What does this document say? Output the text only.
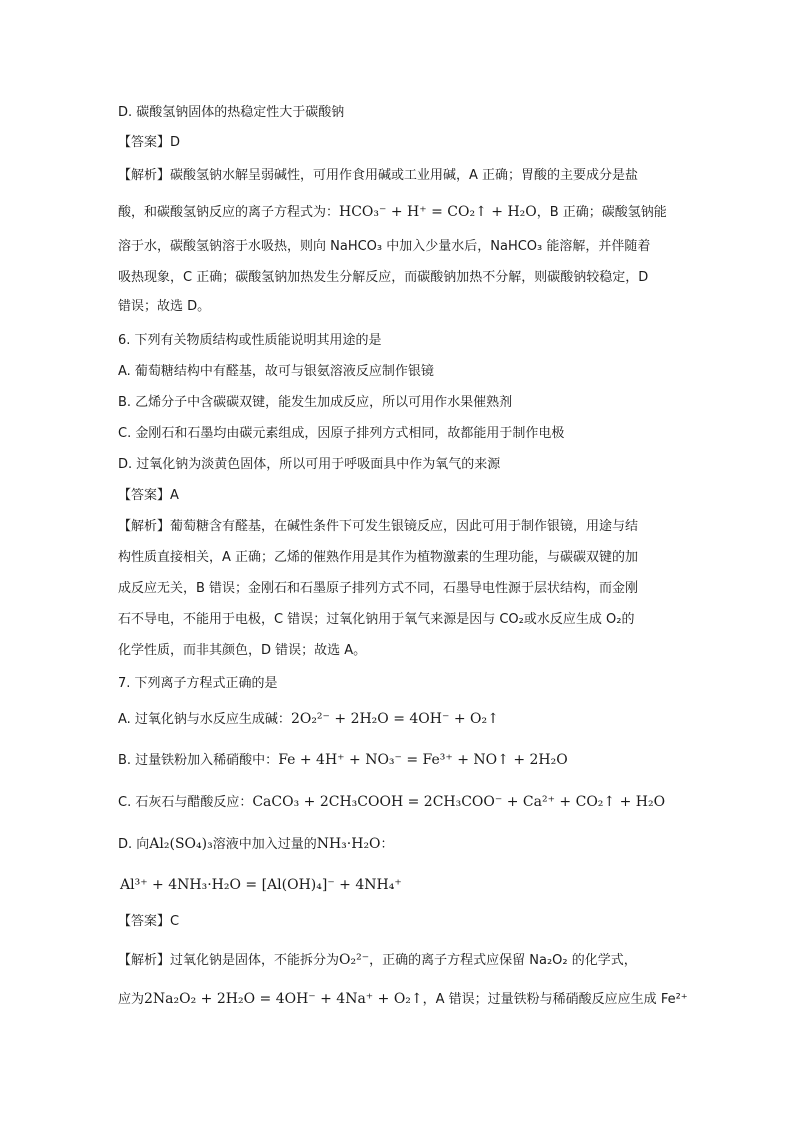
D. 碳酸氢钠固体的热稳定性大于碳酸钠
【答案】D
【解析】碳酸氢钠水解呈弱碱性，可用作食用碱或工业用碱，A 正确；胃酸的主要成分是盐
酸，和碳酸氢钠反应的离子方程式为：HCO₃⁻ + H⁺ = CO₂↑ + H₂O，B 正确；碳酸氢钠能
溶于水，碳酸氢钠溶于水吸热，则向 NaHCO₃ 中加入少量水后，NaHCO₃ 能溶解，并伴随着
吸热现象，C 正确；碳酸氢钠加热发生分解反应，而碳酸钠加热不分解，则碳酸钠较稳定，D
错误；故选 D。
6. 下列有关物质结构或性质能说明其用途的是
A. 葡萄糖结构中有醛基，故可与银氨溶液反应制作银镜
B. 乙烯分子中含碳碳双键，能发生加成反应，所以可用作水果催熟剂
C. 金刚石和石墨均由碳元素组成，因原子排列方式相同，故都能用于制作电极
D. 过氧化钠为淡黄色固体，所以可用于呼吸面具中作为氧气的来源
【答案】A
【解析】葡萄糖含有醛基，在碱性条件下可发生银镜反应，因此可用于制作银镜，用途与结
构性质直接相关，A 正确；乙烯的催熟作用是其作为植物激素的生理功能，与碳碳双键的加
成反应无关，B 错误；金刚石和石墨原子排列方式不同，石墨导电性源于层状结构，而金刚
石不导电，不能用于电极，C 错误；过氧化钠用于氧气来源是因与 CO₂或水反应生成 O₂的
化学性质，而非其颜色，D 错误；故选 A。
7. 下列离子方程式正确的是
A. 过氧化钠与水反应生成碱：2O₂²⁻ + 2H₂O = 4OH⁻ + O₂↑
B. 过量铁粉加入稀硝酸中：Fe + 4H⁺ + NO₃⁻ = Fe³⁺ + NO↑ + 2H₂O
C. 石灰石与醋酸反应：CaCO₃ + 2CH₃COOH = 2CH₃COO⁻ + Ca²⁺ + CO₂↑ + H₂O
D. 向Al₂(SO₄)₃溶液中加入过量的NH₃·H₂O：
Al³⁺ + 4NH₃·H₂O = [Al(OH)₄]⁻ + 4NH₄⁺
【答案】C
【解析】过氧化钠是固体，不能拆分为O₂²⁻，正确的离子方程式应保留 Na₂O₂ 的化学式，
应为2Na₂O₂ + 2H₂O = 4OH⁻ + 4Na⁺ + O₂↑，A 错误；过量铁粉与稀硝酸反应应生成 Fe²⁺
